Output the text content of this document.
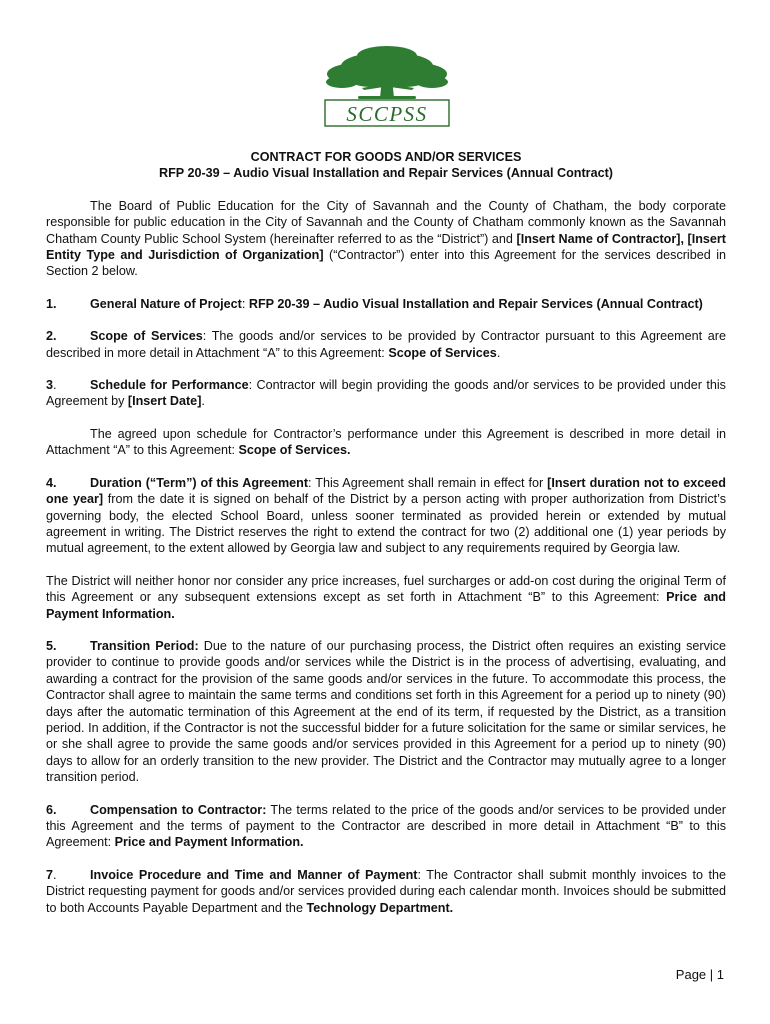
SCCPSS
CONTRACT FOR GOODS AND/OR SERVICES
RFP 20-39 – Audio Visual Installation and Repair Services (Annual Contract)

The Board of Public Education for the City of Savannah and the County of Chatham, the body corporate responsible for public education in the City of Savannah and the County of Chatham commonly known as the Savannah Chatham County Public School System (hereinafter referred to as the “District”) and [Insert Name of Contractor], [Insert Entity Type and Jurisdiction of Organization] (“Contractor”) enter into this Agreement for the services described in Section 2 below.

1.	General Nature of Project: RFP 20-39 – Audio Visual Installation and Repair Services (Annual Contract)

2.	Scope of Services: The goods and/or services to be provided by Contractor pursuant to this Agreement are described in more detail in Attachment “A” to this Agreement: Scope of Services.

3.	Schedule for Performance: Contractor will begin providing the goods and/or services to be provided under this Agreement by [Insert Date].

The agreed upon schedule for Contractor’s performance under this Agreement is described in more detail in Attachment “A” to this Agreement: Scope of Services.

4.	Duration (“Term”) of this Agreement: This Agreement shall remain in effect for [Insert duration not to exceed one year] from the date it is signed on behalf of the District by a person acting with proper authorization from District’s governing body, the elected School Board, unless sooner terminated as provided herein or extended by mutual agreement in writing. The District reserves the right to extend the contract for two (2) additional one (1) year periods by mutual agreement, to the extent allowed by Georgia law and subject to any requirements required by Georgia law.

The District will neither honor nor consider any price increases, fuel surcharges or add-on cost during the original Term of this Agreement or any subsequent extensions except as set forth in Attachment “B” to this Agreement: Price and Payment Information.

5.	Transition Period: Due to the nature of our purchasing process, the District often requires an existing service provider to continue to provide goods and/or services while the District is in the process of advertising, evaluating, and awarding a contract for the provision of the same goods and/or services in the future. To accommodate this process, the Contractor shall agree to maintain the same terms and conditions set forth in this Agreement for a period up to ninety (90) days after the automatic termination of this Agreement at the end of its term, if requested by the District, as a transition period. In addition, if the Contractor is not the successful bidder for a future solicitation for the same or similar services, he or she shall agree to provide the same goods and/or services provided in this Agreement for a period up to ninety (90) days to allow for an orderly transition to the new provider. The District and the Contractor may mutually agree to a longer transition period.

6.	Compensation to Contractor: The terms related to the price of the goods and/or services to be provided under this Agreement and the terms of payment to the Contractor are described in more detail in Attachment “B” to this Agreement: Price and Payment Information.

7.	Invoice Procedure and Time and Manner of Payment: The Contractor shall submit monthly invoices to the District requesting payment for goods and/or services provided during each calendar month. Invoices should be submitted to both Accounts Payable Department and the Technology Department.

Page | 1
